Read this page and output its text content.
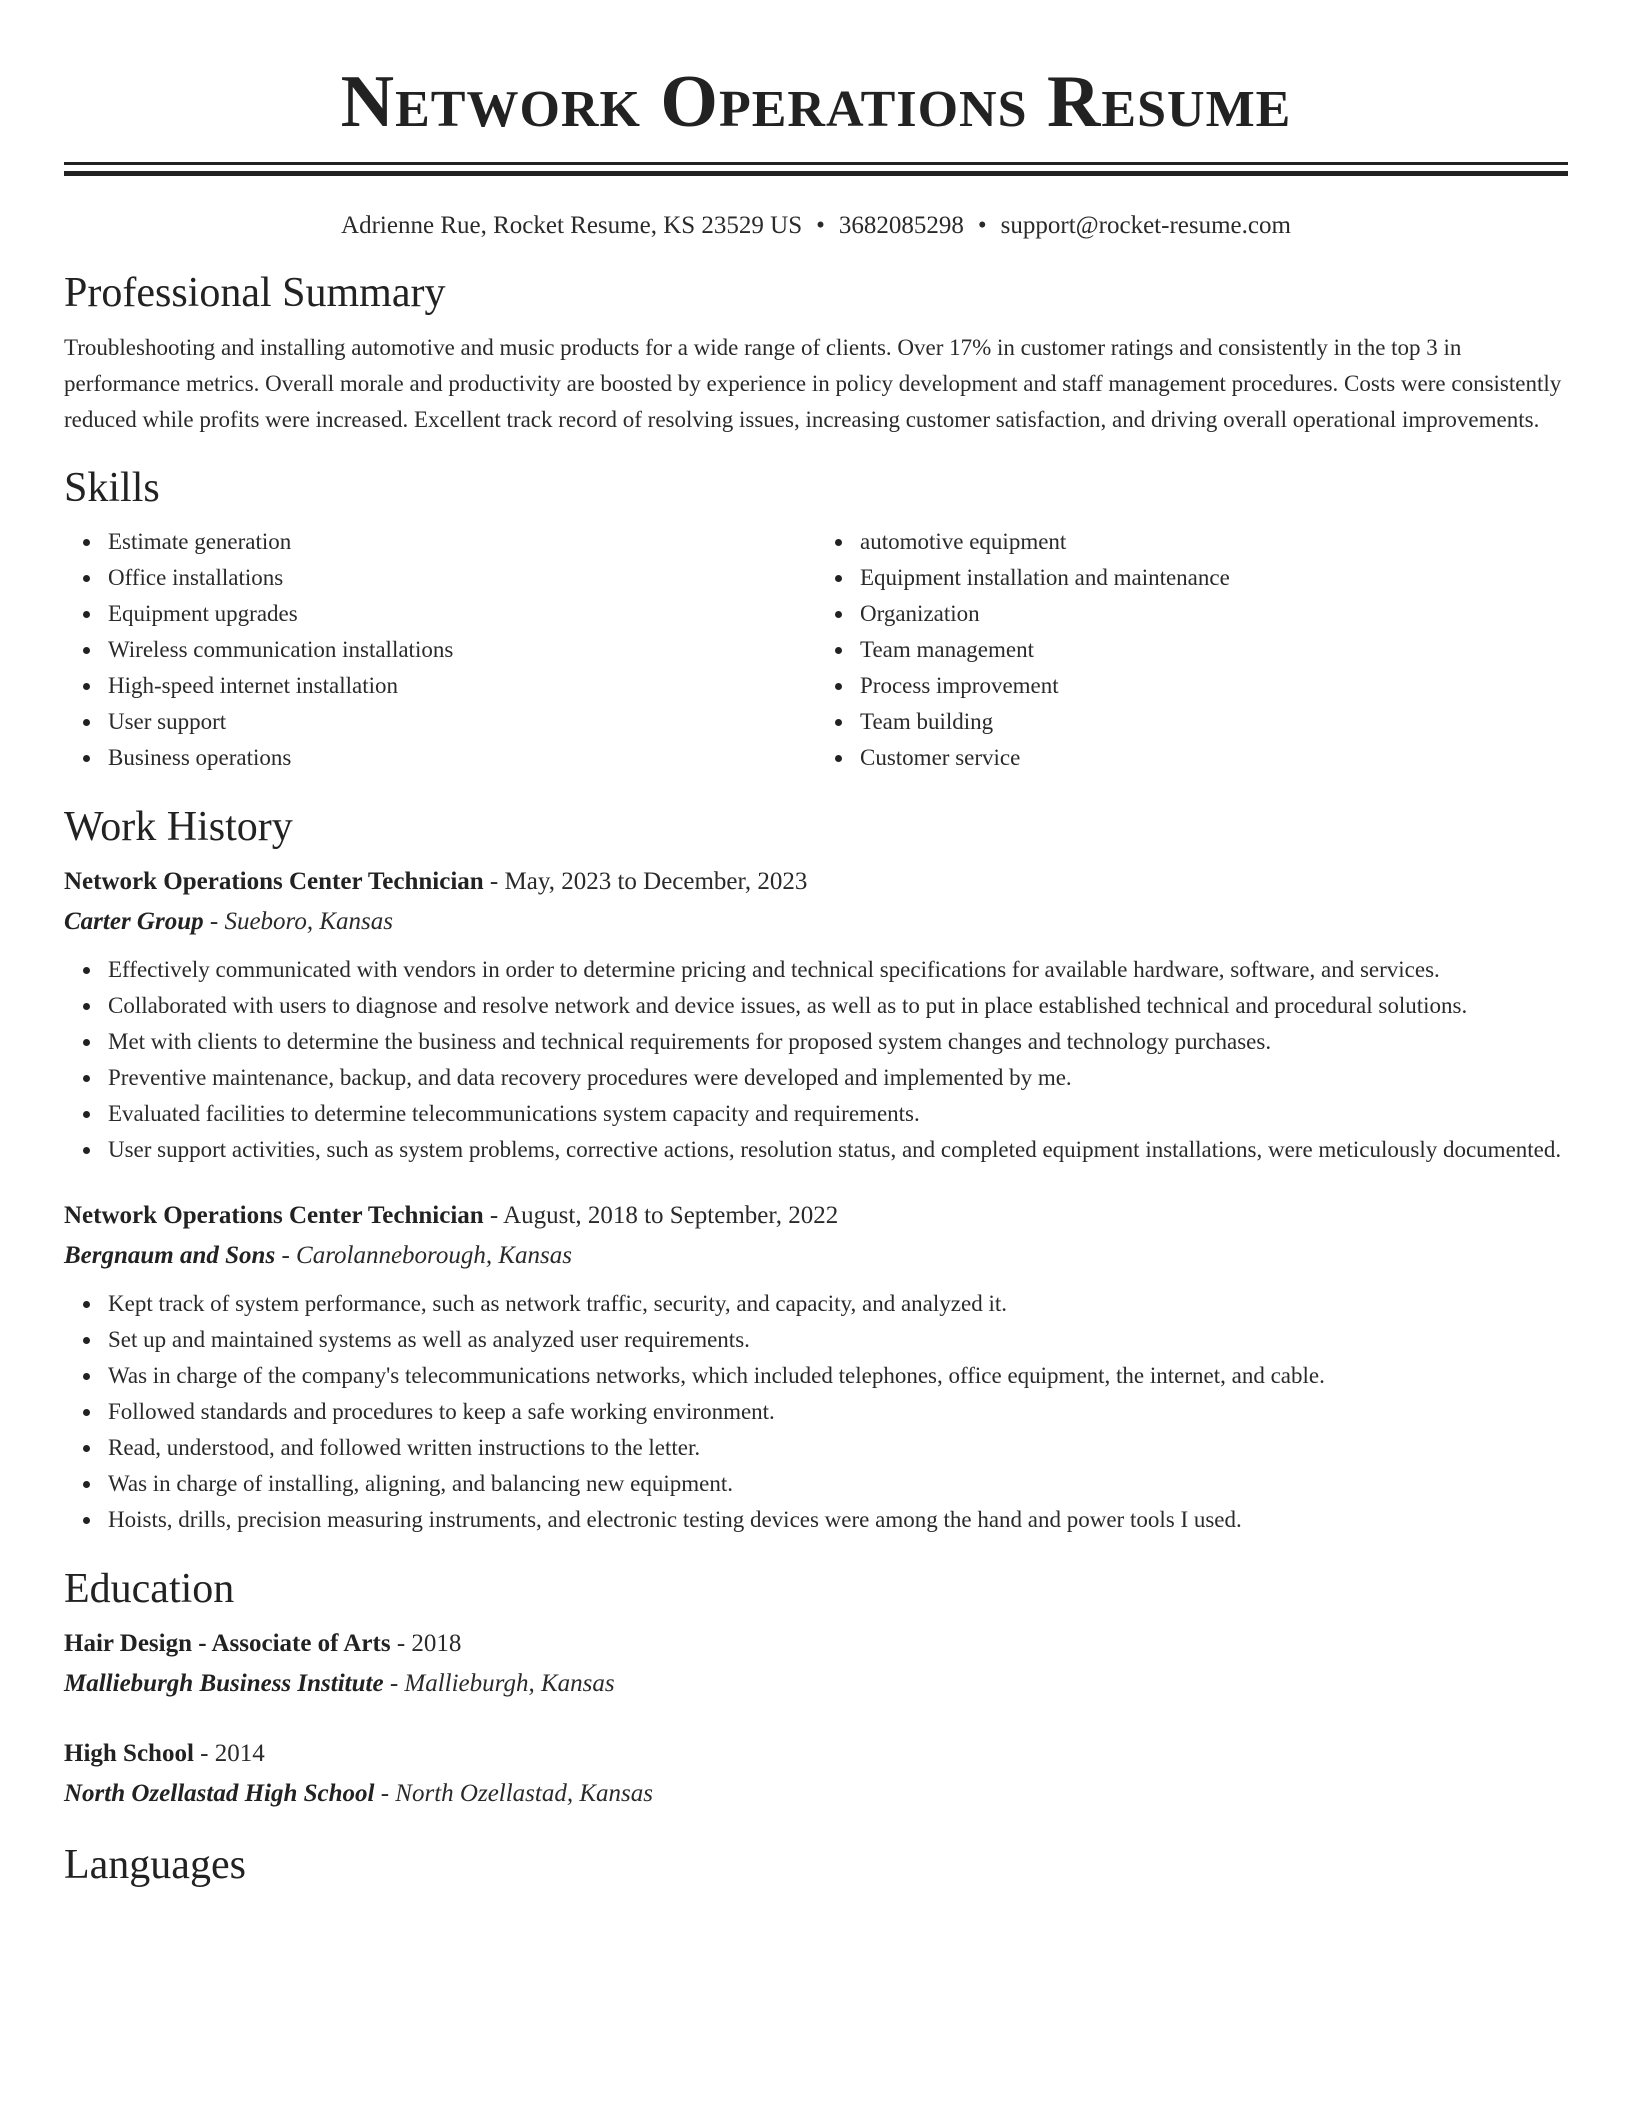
Network Operations Resume
Adrienne Rue, Rocket Resume, KS 23529 US • 3682085298 • support@rocket-resume.com
Professional Summary

Troubleshooting and installing automotive and music products for a wide range of clients. Over 17% in customer ratings and consistently in the top 3 in performance metrics. Overall morale and productivity are boosted by experience in policy development and staff management procedures. Costs were consistently reduced while profits were increased. Excellent track record of resolving issues, increasing customer satisfaction, and driving overall operational improvements.

Skills
Estimate generation
Office installations
Equipment upgrades
Wireless communication installations
High-speed internet installation
User support
Business operations
automotive equipment
Equipment installation and maintenance
Organization
Team management
Process improvement
Team building
Customer service
Work History
Network Operations Center Technician - May, 2023 to December, 2023
Carter Group - Sueboro, Kansas
Effectively communicated with vendors in order to determine pricing and technical specifications for available hardware, software, and services.
Collaborated with users to diagnose and resolve network and device issues, as well as to put in place established technical and procedural solutions.
Met with clients to determine the business and technical requirements for proposed system changes and technology purchases.
Preventive maintenance, backup, and data recovery procedures were developed and implemented by me.
Evaluated facilities to determine telecommunications system capacity and requirements.
User support activities, such as system problems, corrective actions, resolution status, and completed equipment installations, were meticulously documented.
Network Operations Center Technician - August, 2018 to September, 2022
Bergnaum and Sons - Carolanneborough, Kansas
Kept track of system performance, such as network traffic, security, and capacity, and analyzed it.
Set up and maintained systems as well as analyzed user requirements.
Was in charge of the company's telecommunications networks, which included telephones, office equipment, the internet, and cable.
Followed standards and procedures to keep a safe working environment.
Read, understood, and followed written instructions to the letter.
Was in charge of installing, aligning, and balancing new equipment.
Hoists, drills, precision measuring instruments, and electronic testing devices were among the hand and power tools I used.
Education
Hair Design - Associate of Arts - 2018
Mallieburgh Business Institute - Mallieburgh, Kansas
High School - 2014
North Ozellastad High School - North Ozellastad, Kansas
Languages
